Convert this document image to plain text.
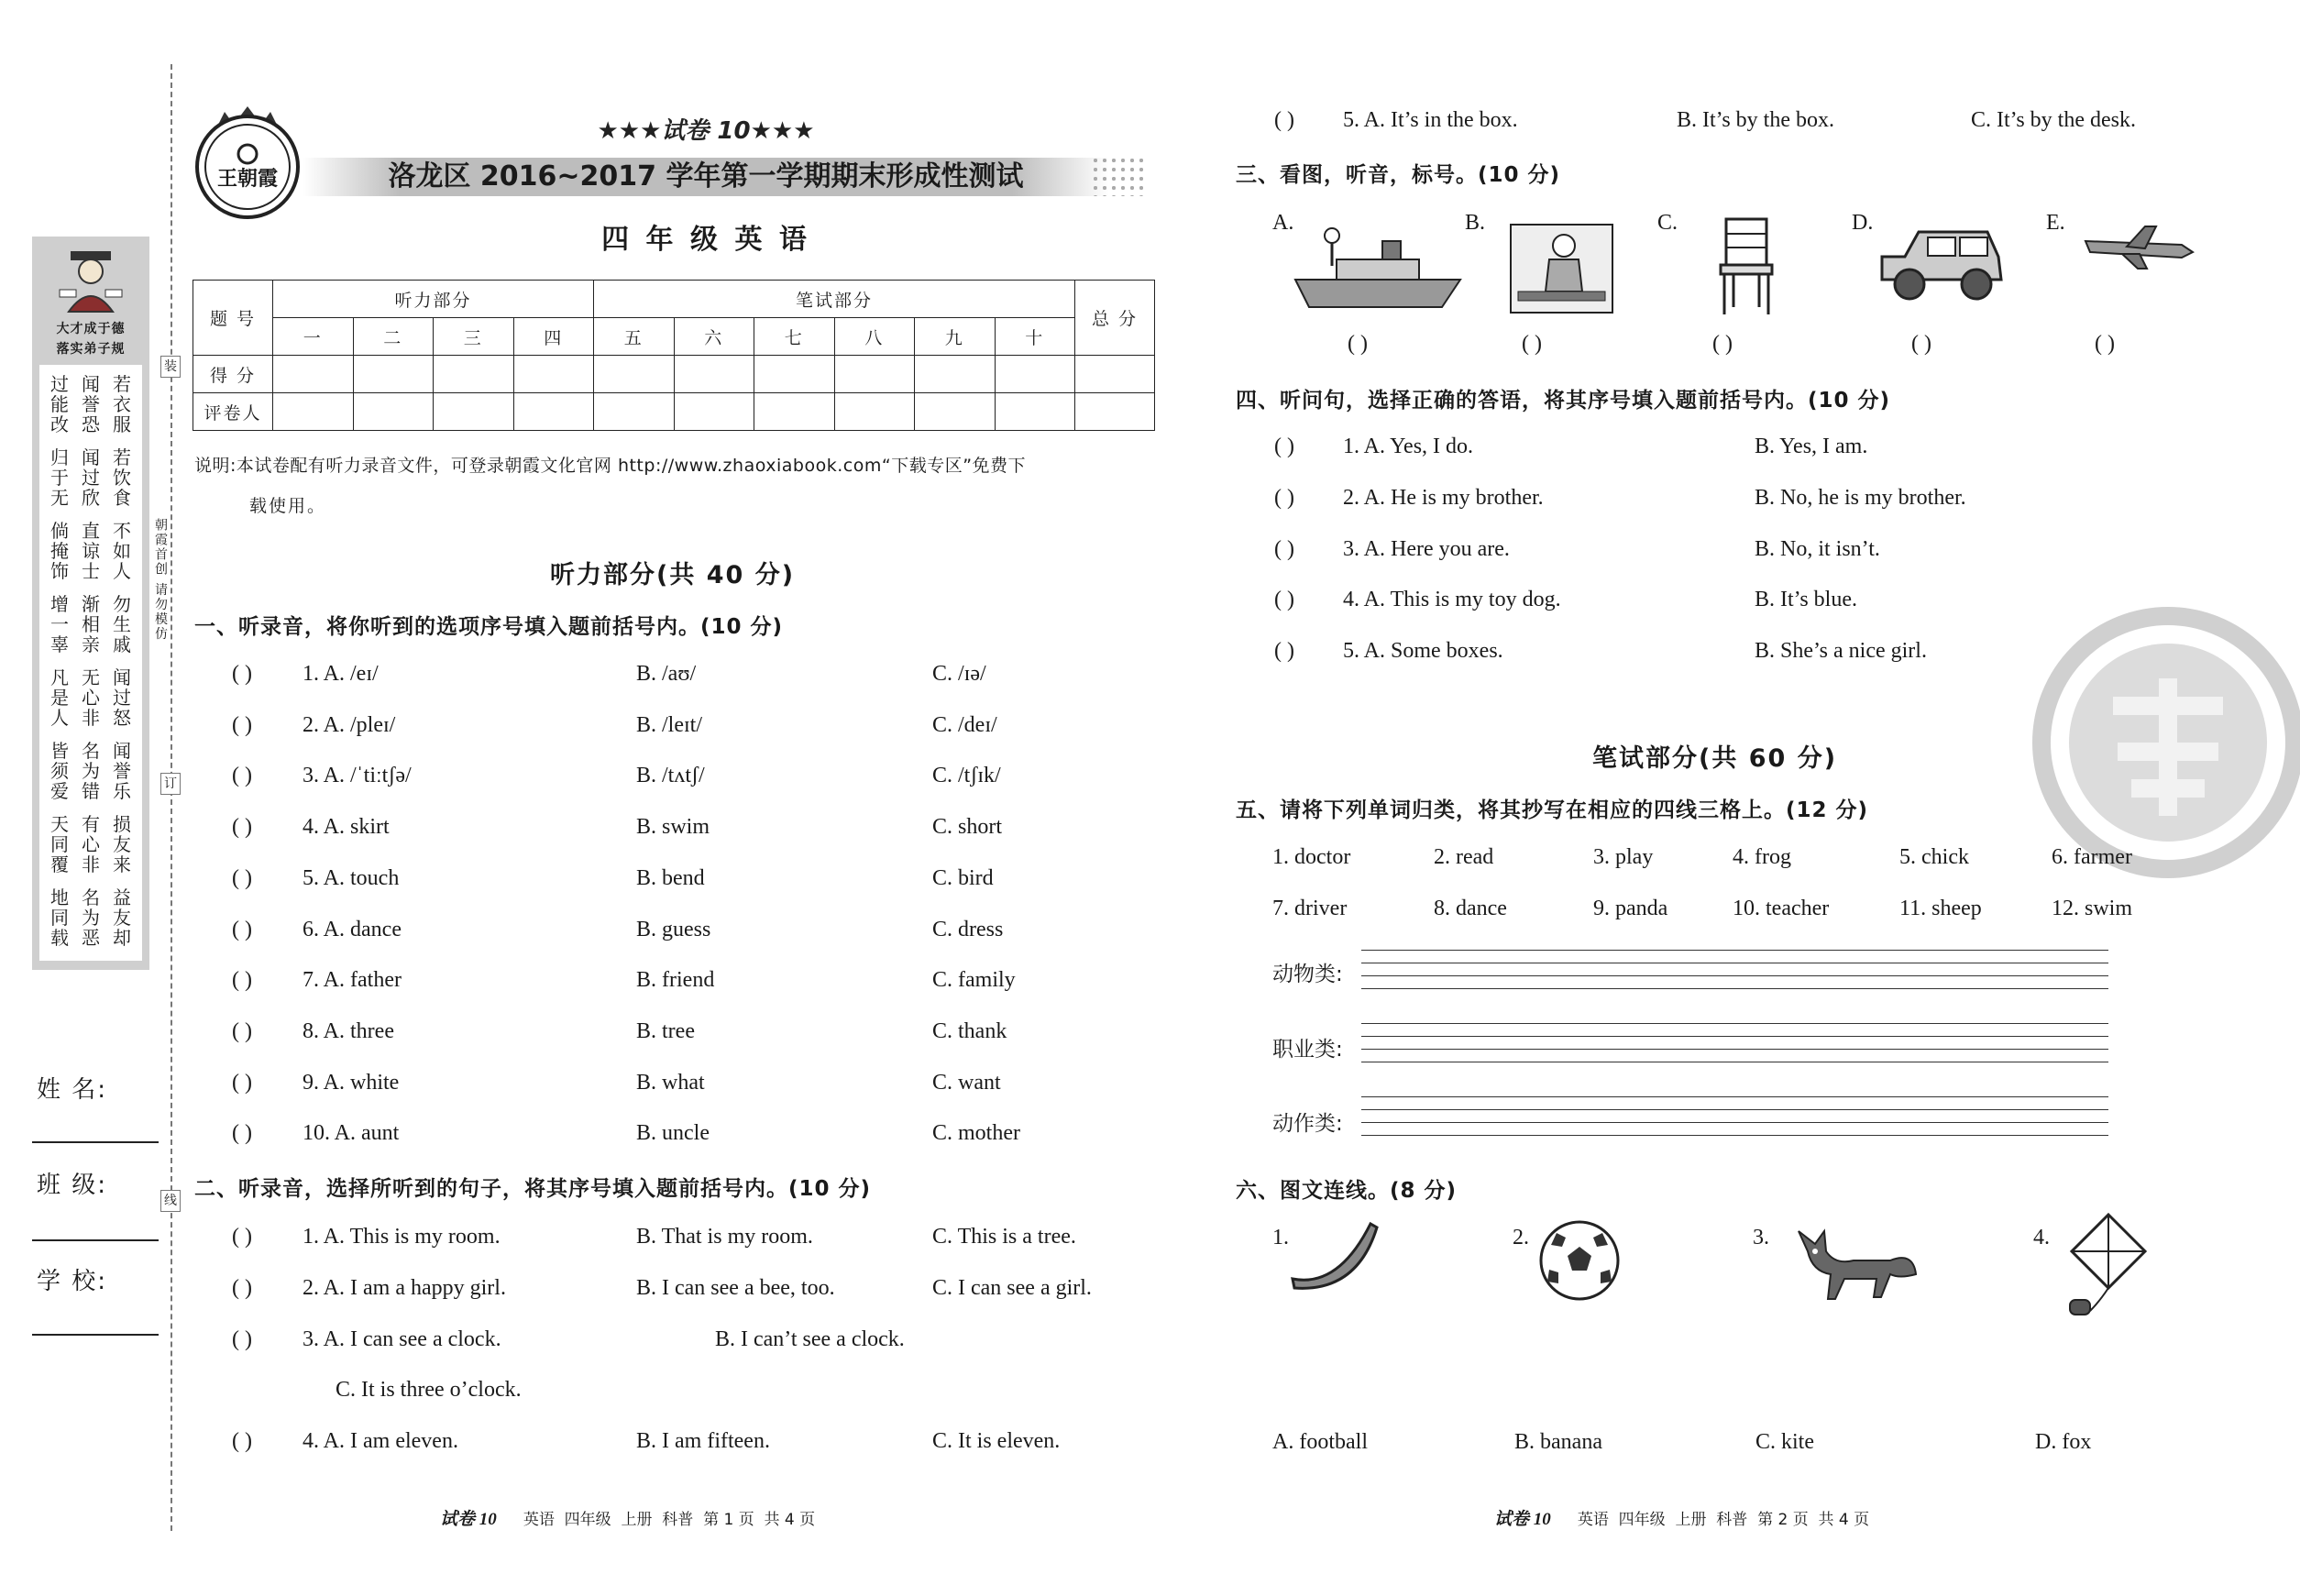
大才成于德
落实弟子规
过能改
闻誉恐
若衣服
归于无
闻过欣
若饮食
倘掩饰
直谅士
不如人
增一辜
渐相亲
勿生戚
凡是人
无心非
闻过怒
皆须爱
名为错
闻誉乐
天同覆
有心非
损友来
地同载
名为恶
益友却
朝霞首创 请勿模仿
装
订
线
姓 名:
班 级:
学 校:
王朝霞
★★★试卷 10★★★
洛龙区 2016~2017 学年第一学期期末形成性测试
四 年 级 英 语
题 号	听力部分				笔试部分						总 分
	一	二	三	四	五	六	七	八	九	十	
得 分											
评卷人											
说明:本试卷配有听力录音文件，可登录朝霞文化官网 http://www.zhaoxiabook.com“下载专区”免费下
载使用。
听力部分(共 40 分)
一、听录音，将你听到的选项序号填入题前括号内。(10 分)
( ) 1. A. /eɪ/	B. /aʊ/	C. /ɪə/
( ) 2. A. /pleɪ/	B. /leɪt/	C. /deɪ/
( ) 3. A. /ˈtiːtʃə/	B. /tʌtʃ/	C. /tʃɪk/
( ) 4. A. skirt	B. swim	C. short
( ) 5. A. touch	B. bend	C. bird
( ) 6. A. dance	B. guess	C. dress
( ) 7. A. father	B. friend	C. family
( ) 8. A. three	B. tree	C. thank
( ) 9. A. white	B. what	C. want
( ) 10. A. aunt	B. uncle	C. mother
二、听录音，选择所听到的句子，将其序号填入题前括号内。(10 分)
( ) 1. A. This is my room.	B. That is my room.	C. This is a tree.
( ) 2. A. I am a happy girl.	B. I can see a bee, too.	C. I can see a girl.
( ) 3. A. I can see a clock.	B. I can’t see a clock.
C. It is three o’clock.
( ) 4. A. I am eleven.	B. I am fifteen.	C. It is eleven.
试卷 10 英语  四年级  上册  科普  第 1 页  共 4 页
( ) 5. A. It’s in the box.	B. It’s by the box.	C. It’s by the desk.
三、看图，听音，标号。(10 分)
A.
( )
B.
( )
C.
( )
D.
( )
E.
( )
四、听问句，选择正确的答语，将其序号填入题前括号内。(10 分)
( ) 1. A. Yes, I do.	B. Yes, I am.
( ) 2. A. He is my brother.	B. No, he is my brother.
( ) 3. A. Here you are.	B. No, it isn’t.
( ) 4. A. This is my toy dog.	B. It’s blue.
( ) 5. A. Some boxes.	B. She’s a nice girl.
笔试部分(共 60 分)
五、请将下列单词归类，将其抄写在相应的四线三格上。(12 分)
1. doctor	2. read	3. play	4. frog	5. chick	6. farmer
7. driver	8. dance	9. panda	10. teacher	11. sheep	12. swim
动物类:
职业类:
动作类:
六、图文连线。(8 分)
1.	2.	3.	4.
A. football	B. banana	C. kite	D. fox
试卷 10 英语  四年级  上册  科普  第 2 页  共 4 页
